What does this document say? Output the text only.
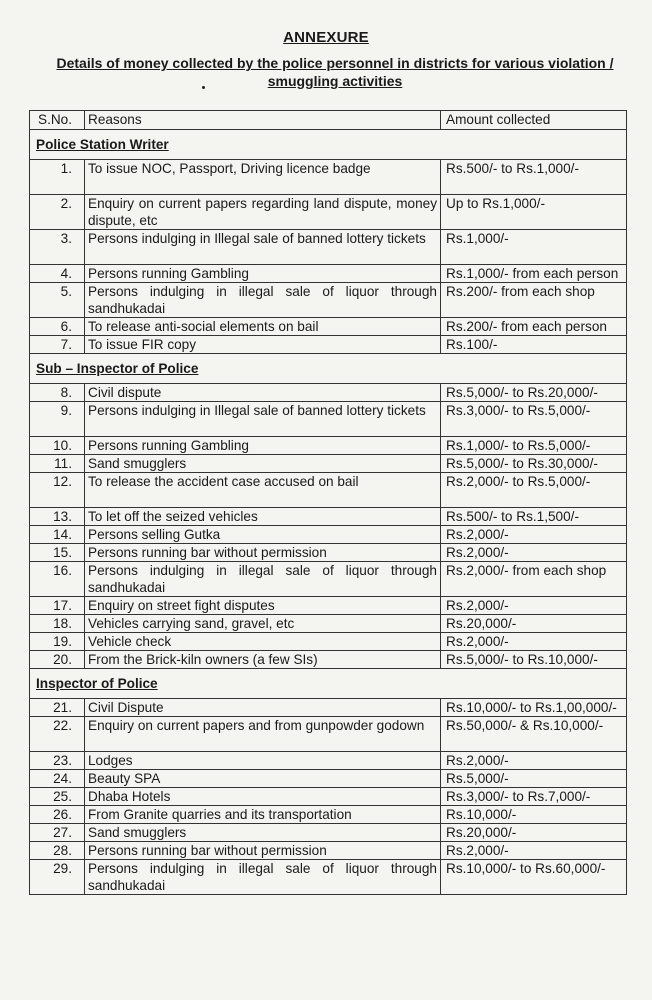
ANNEXURE
Details of money collected by the police personnel in districts for various violation / smuggling activities
S.No.	Reasons	Amount collected
Police Station Writer		
1.	To issue NOC, Passport, Driving licence badge	Rs.500/- to Rs.1,000/-
2.	Enquiry on current papers regarding land dispute, money dispute, etc	Up to Rs.1,000/-
3.	Persons indulging in Illegal sale of banned lottery tickets	Rs.1,000/-
4.	Persons running Gambling	Rs.1,000/- from each person
5.	Persons indulging in illegal sale of liquor through sandhukadai	Rs.200/- from each shop
6.	To release anti-social elements on bail	Rs.200/- from each person
7.	To issue FIR copy	Rs.100/-
Sub – Inspector of Police		
8.	Civil dispute	Rs.5,000/- to Rs.20,000/-
9.	Persons indulging in Illegal sale of banned lottery tickets	Rs.3,000/- to Rs.5,000/-
10.	Persons running Gambling	Rs.1,000/- to Rs.5,000/-
11.	Sand smugglers	Rs.5,000/- to Rs.30,000/-
12.	To release the accident case accused on bail	Rs.2,000/- to Rs.5,000/-
13.	To let off the seized vehicles	Rs.500/- to Rs.1,500/-
14.	Persons selling Gutka	Rs.2,000/-
15.	Persons running bar without permission	Rs.2,000/-
16.	Persons indulging in illegal sale of liquor through sandhukadai	Rs.2,000/- from each shop
17.	Enquiry on street fight disputes	Rs.2,000/-
18.	Vehicles carrying sand, gravel, etc	Rs.20,000/-
19.	Vehicle check	Rs.2,000/-
20.	From the Brick-kiln owners (a few SIs)	Rs.5,000/- to Rs.10,000/-
Inspector of Police		
21.	Civil Dispute	Rs.10,000/- to Rs.1,00,000/-
22.	Enquiry on current papers and from gunpowder godown	Rs.50,000/- & Rs.10,000/-
23.	Lodges	Rs.2,000/-
24.	Beauty SPA	Rs.5,000/-
25.	Dhaba Hotels	Rs.3,000/- to Rs.7,000/-
26.	From Granite quarries and its transportation	Rs.10,000/-
27.	Sand smugglers	Rs.20,000/-
28.	Persons running bar without permission	Rs.2,000/-
29.	Persons indulging in illegal sale of liquor through sandhukadai	Rs.10,000/- to Rs.60,000/-
